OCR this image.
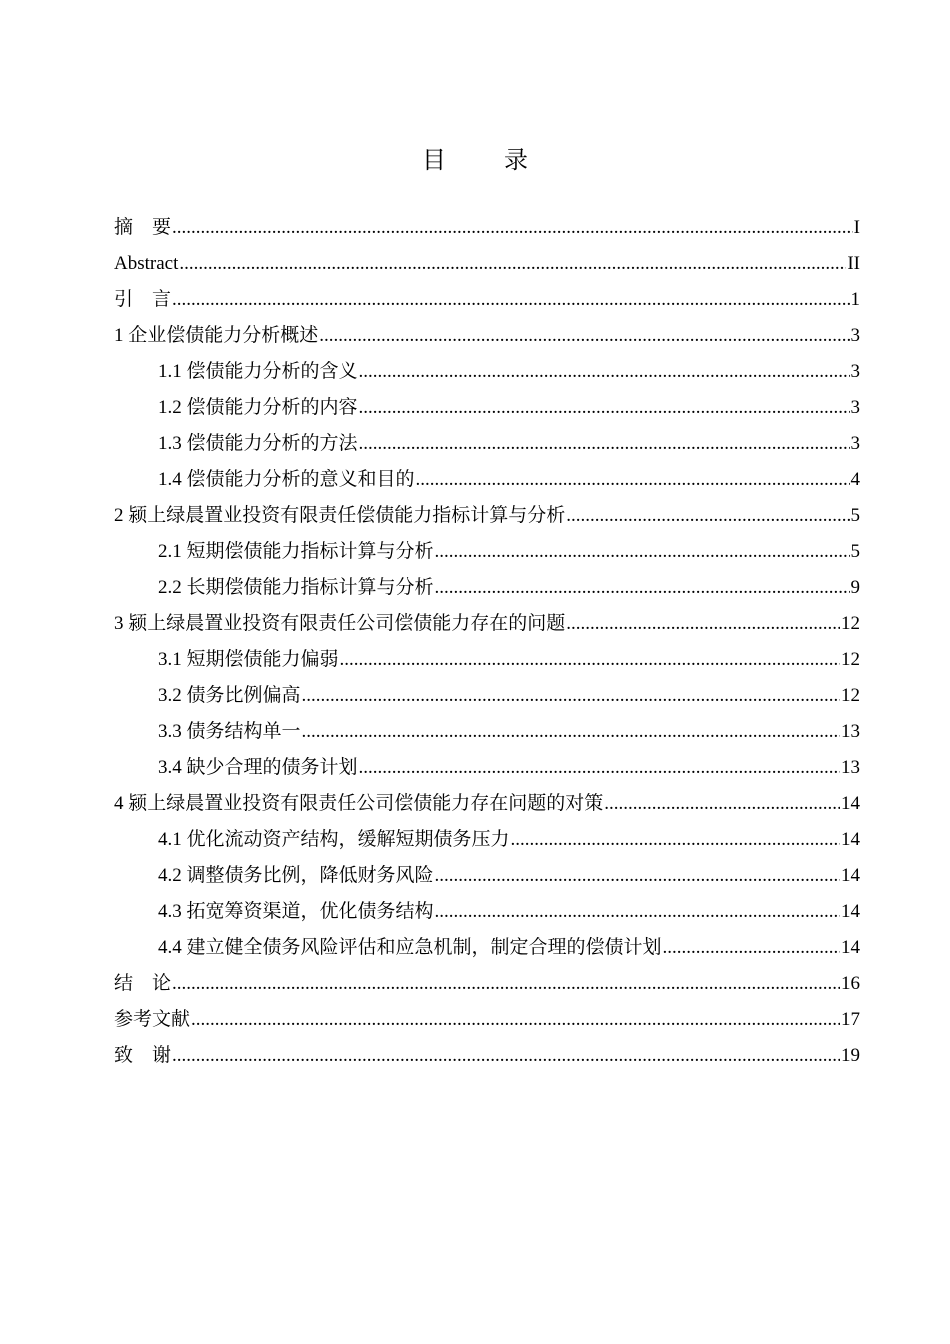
目 录
摘　要 .....	I
Abstract .....	II
引　言 .....	1
1 企业偿债能力分析概述 .....	3
1.1 偿债能力分析的含义 .....	3
1.2 偿债能力分析的内容 .....	3
1.3 偿债能力分析的方法 .....	3
1.4 偿债能力分析的意义和目的 .....	4
2 颍上绿晨置业投资有限责任偿债能力指标计算与分析 .....	5
2.1 短期偿债能力指标计算与分析 .....	5
2.2 长期偿债能力指标计算与分析 .....	9
3 颍上绿晨置业投资有限责任公司偿债能力存在的问题 .....	12
3.1 短期偿债能力偏弱 .....	12
3.2 债务比例偏高 .....	12
3.3 债务结构单一 .....	13
3.4 缺少合理的债务计划 .....	13
4 颍上绿晨置业投资有限责任公司偿债能力存在问题的对策 .....	14
4.1 优化流动资产结构，缓解短期债务压力 .....	14
4.2 调整债务比例，降低财务风险 .....	14
4.3 拓宽筹资渠道，优化债务结构 .....	14
4.4 建立健全债务风险评估和应急机制，制定合理的偿债计划 .....	14
结　论 .....	16
参考文献 .....	17
致　谢 .....	19
